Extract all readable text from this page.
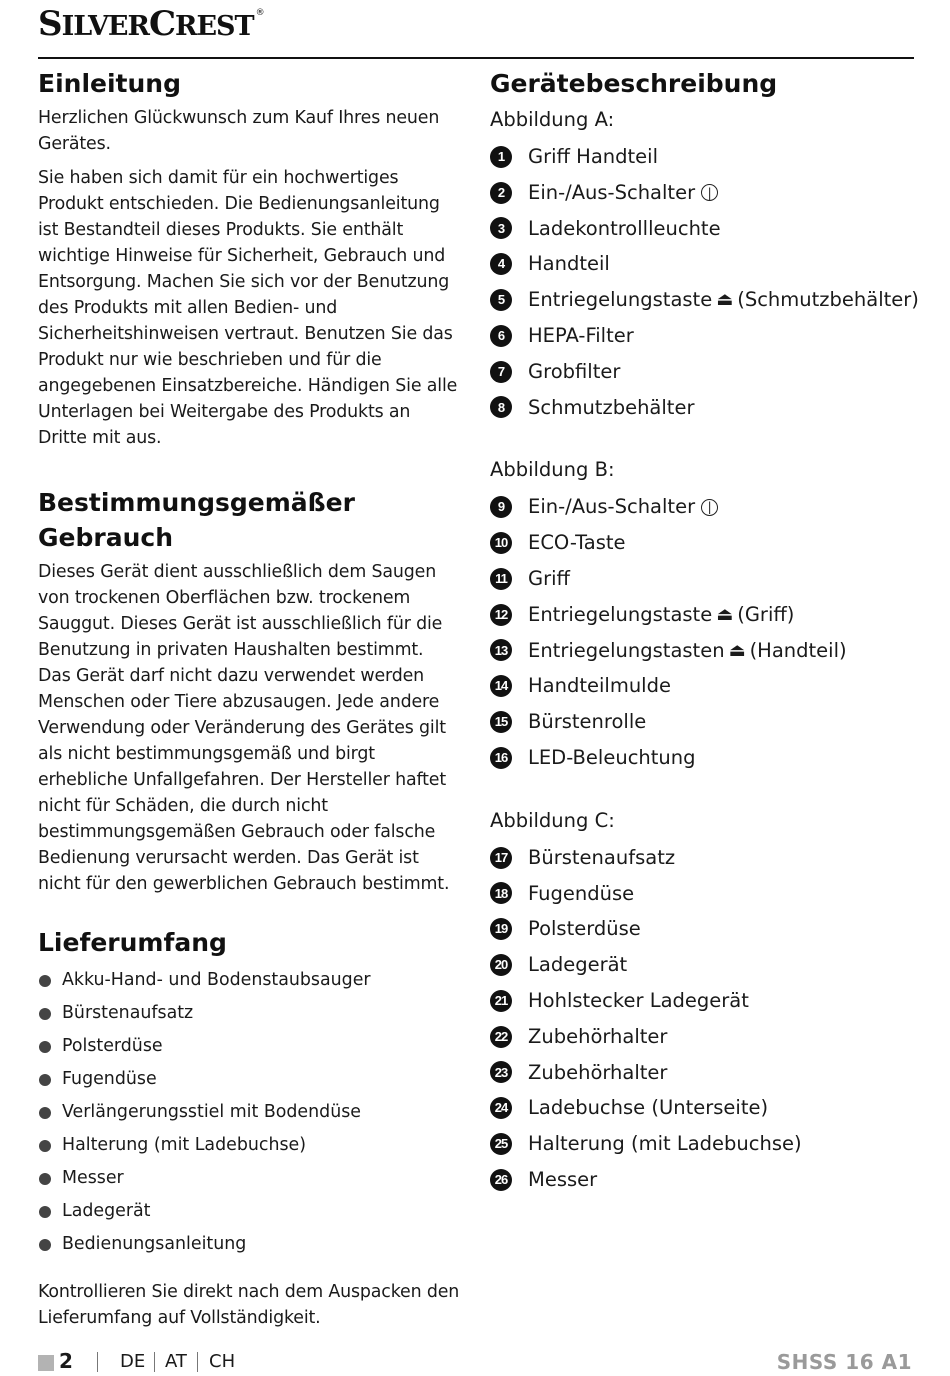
SILVERCREST ®
Einleitung

Herzlichen Glückwunsch zum Kauf Ihres neuen Gerätes.

Sie haben sich damit für ein hochwertiges Produkt entschieden. Die Bedienungsanleitung ist Bestandteil dieses Produkts. Sie enthält wichtige Hinweise für Sicherheit, Gebrauch und Entsorgung. Machen Sie sich vor der Benutzung des Produkts mit allen Bedien- und Sicherheitshinweisen vertraut. Benutzen Sie das Produkt nur wie beschrieben und für die angegebenen Einsatzbereiche. Händigen Sie alle Unterlagen bei Weitergabe des Produkts an Dritte mit aus.

Bestimmungsgemäßer
Gebrauch

Dieses Gerät dient ausschließlich dem Saugen von trockenen Oberflächen bzw. trockenem Sauggut. Dieses Gerät ist ausschließlich für die Benutzung in privaten Haushalten bestimmt. Das Gerät darf nicht dazu verwendet werden Menschen oder Tiere abzusaugen. Jede andere Verwendung oder Veränderung des Gerätes gilt als nicht bestimmungsgemäß und birgt erhebliche Unfallgefahren. Der Hersteller haftet nicht für Schäden, die durch nicht bestimmungsgemäßen Gebrauch oder falsche Bedienung verursacht werden. Das Gerät ist nicht für den gewerblichen Gebrauch bestimmt.

Lieferumfang
Akku-Hand- und Bodenstaubsauger
Bürstenaufsatz
Polsterdüse
Fugendüse
Verlängerungsstiel mit Bodendüse
Halterung (mit Ladebuchse)
Messer
Ladegerät
Bedienungsanleitung

Kontrollieren Sie direkt nach dem Auspacken den Lieferumfang auf Vollständigkeit.

Gerätebeschreibung
Abbildung A:
1	Griff Handteil
2	Ein-/Aus-Schalter	|
3	Ladekontrollleuchte
4	Handteil
5	Entriegelungstaste ⏏ (Schmutzbehälter)
6	HEPA-Filter
7	Grobfilter
8	Schmutzbehälter
Abbildung B:
9	Ein-/Aus-Schalter	|
10 ECO-Taste
11 Griff
12 Entriegelungstaste ⏏ (Griff)
13 Entriegelungstasten ⏏ (Handteil)
14 Handteilmulde
15 Bürstenrolle
16 LED-Beleuchtung
Abbildung C:
17 Bürstenaufsatz
18 Fugendüse
19 Polsterdüse
20 Ladegerät
21 Hohlstecker Ladegerät
22 Zubehörhalter
23 Zubehörhalter
24 Ladebuchse (Unterseite)
25 Halterung (mit Ladebuchse)
26 Messer
2	DE AT CH	SHSS 16 A1
